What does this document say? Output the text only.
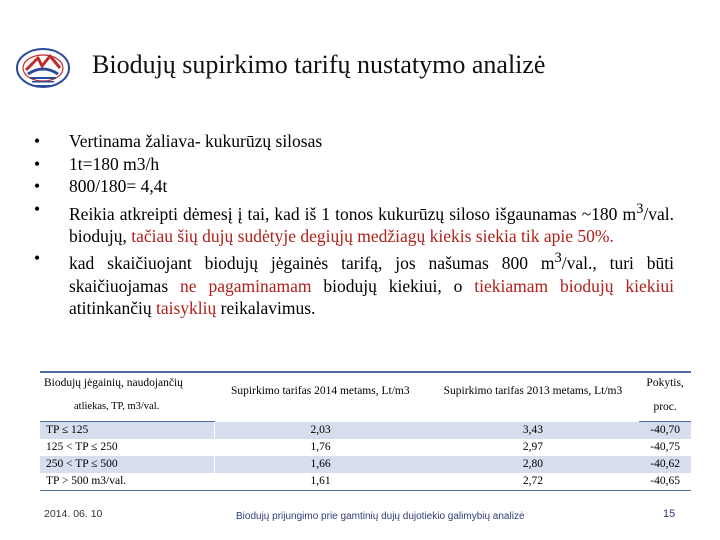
Biodujų supirkimo tarifų nustatymo analizė
• Vertinama žaliava- kukurūzų silosas
• 1t=180 m3/h
• 800/180= 4,4t
• Reikia atkreipti dėmesį į tai, kad iš 1 tonos kukurūzų siloso išgaunamas ~180 $m^3$/val. biodujų, tačiau šių dujų sudėtyje degiųjų medžiagų kiekis siekia tik apie 50%.
• kad skaičiuojant biodujų jėgainės tarifą, jos našumas 800 $m^3$/val., turi būti skaičiuojamas ne pagaminamam biodujų kiekiui, o tiekiamam biodujų kiekiui atitinkančių taisyklių reikalavimus.
Biodujų jėgainių, naudojančių	Supirkimo tarifas 2014 metams, Lt/m3	Supirkimo tarifas 2013 metams, Lt/m3	Pokytis,
atliekas, TP, m3/val.			proc.
TP ≤ 125	2,03	3,43	-40,70
125 < TP ≤ 250	1,76	2,97	-40,75
250 < TP ≤ 500	1,66	2,80	-40,62
TP > 500 m3/val.	1,61	2,72	-40,65
2014. 06. 10	Biodujų prijungimo prie gamtinių dujų dujotiekio galimybių analizė	15
